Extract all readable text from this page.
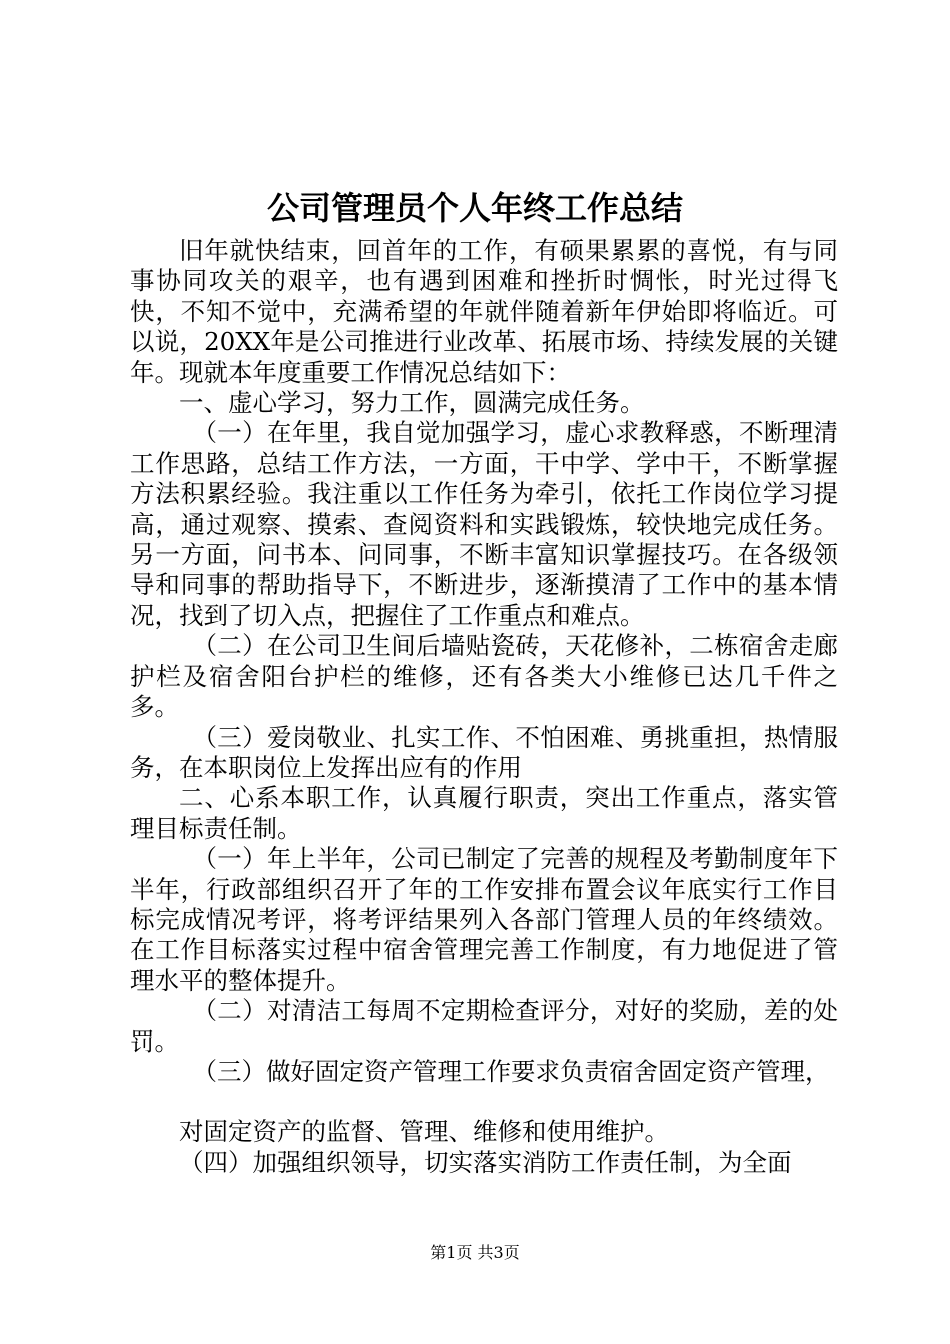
公司管理员个人年终工作总结

旧年就快结束，回首年的工作，有硕果累累的喜悦，有与同事协同攻关的艰辛，也有遇到困难和挫折时惆怅，时光过得飞快，不知不觉中，充满希望的年就伴随着新年伊始即将临近。可以说，20XX年是公司推进行业改革、拓展市场、持续发展的关键年。现就本年度重要工作情况总结如下：

一、虚心学习，努力工作，圆满完成任务。

（一）在年里，我自觉加强学习，虚心求教释惑，不断理清工作思路，总结工作方法，一方面，干中学、学中干，不断掌握方法积累经验。我注重以工作任务为牵引，依托工作岗位学习提高，通过观察、摸索、查阅资料和实践锻炼，较快地完成任务。另一方面，问书本、问同事，不断丰富知识掌握技巧。在各级领导和同事的帮助指导下，不断进步，逐渐摸清了工作中的基本情况，找到了切入点，把握住了工作重点和难点。

（二）在公司卫生间后墙贴瓷砖，天花修补，二栋宿舍走廊护栏及宿舍阳台护栏的维修，还有各类大小维修已达几千件之多。

（三）爱岗敬业、扎实工作、不怕困难、勇挑重担，热情服务，在本职岗位上发挥出应有的作用

二、心系本职工作，认真履行职责，突出工作重点，落实管理目标责任制。

（一）年上半年，公司已制定了完善的规程及考勤制度年下半年，行政部组织召开了年的工作安排布置会议年底实行工作目标完成情况考评，将考评结果列入各部门管理人员的年终绩效。在工作目标落实过程中宿舍管理完善工作制度，有力地促进了管理水平的整体提升。

（二）对清洁工每周不定期检查评分，对好的奖励，差的处罚。

（三）做好固定资产管理工作要求负责宿舍固定资产管理，

对固定资产的监督、管理、维修和使用维护。

（四）加强组织领导，切实落实消防工作责任制，为全面

第1页 共3页
